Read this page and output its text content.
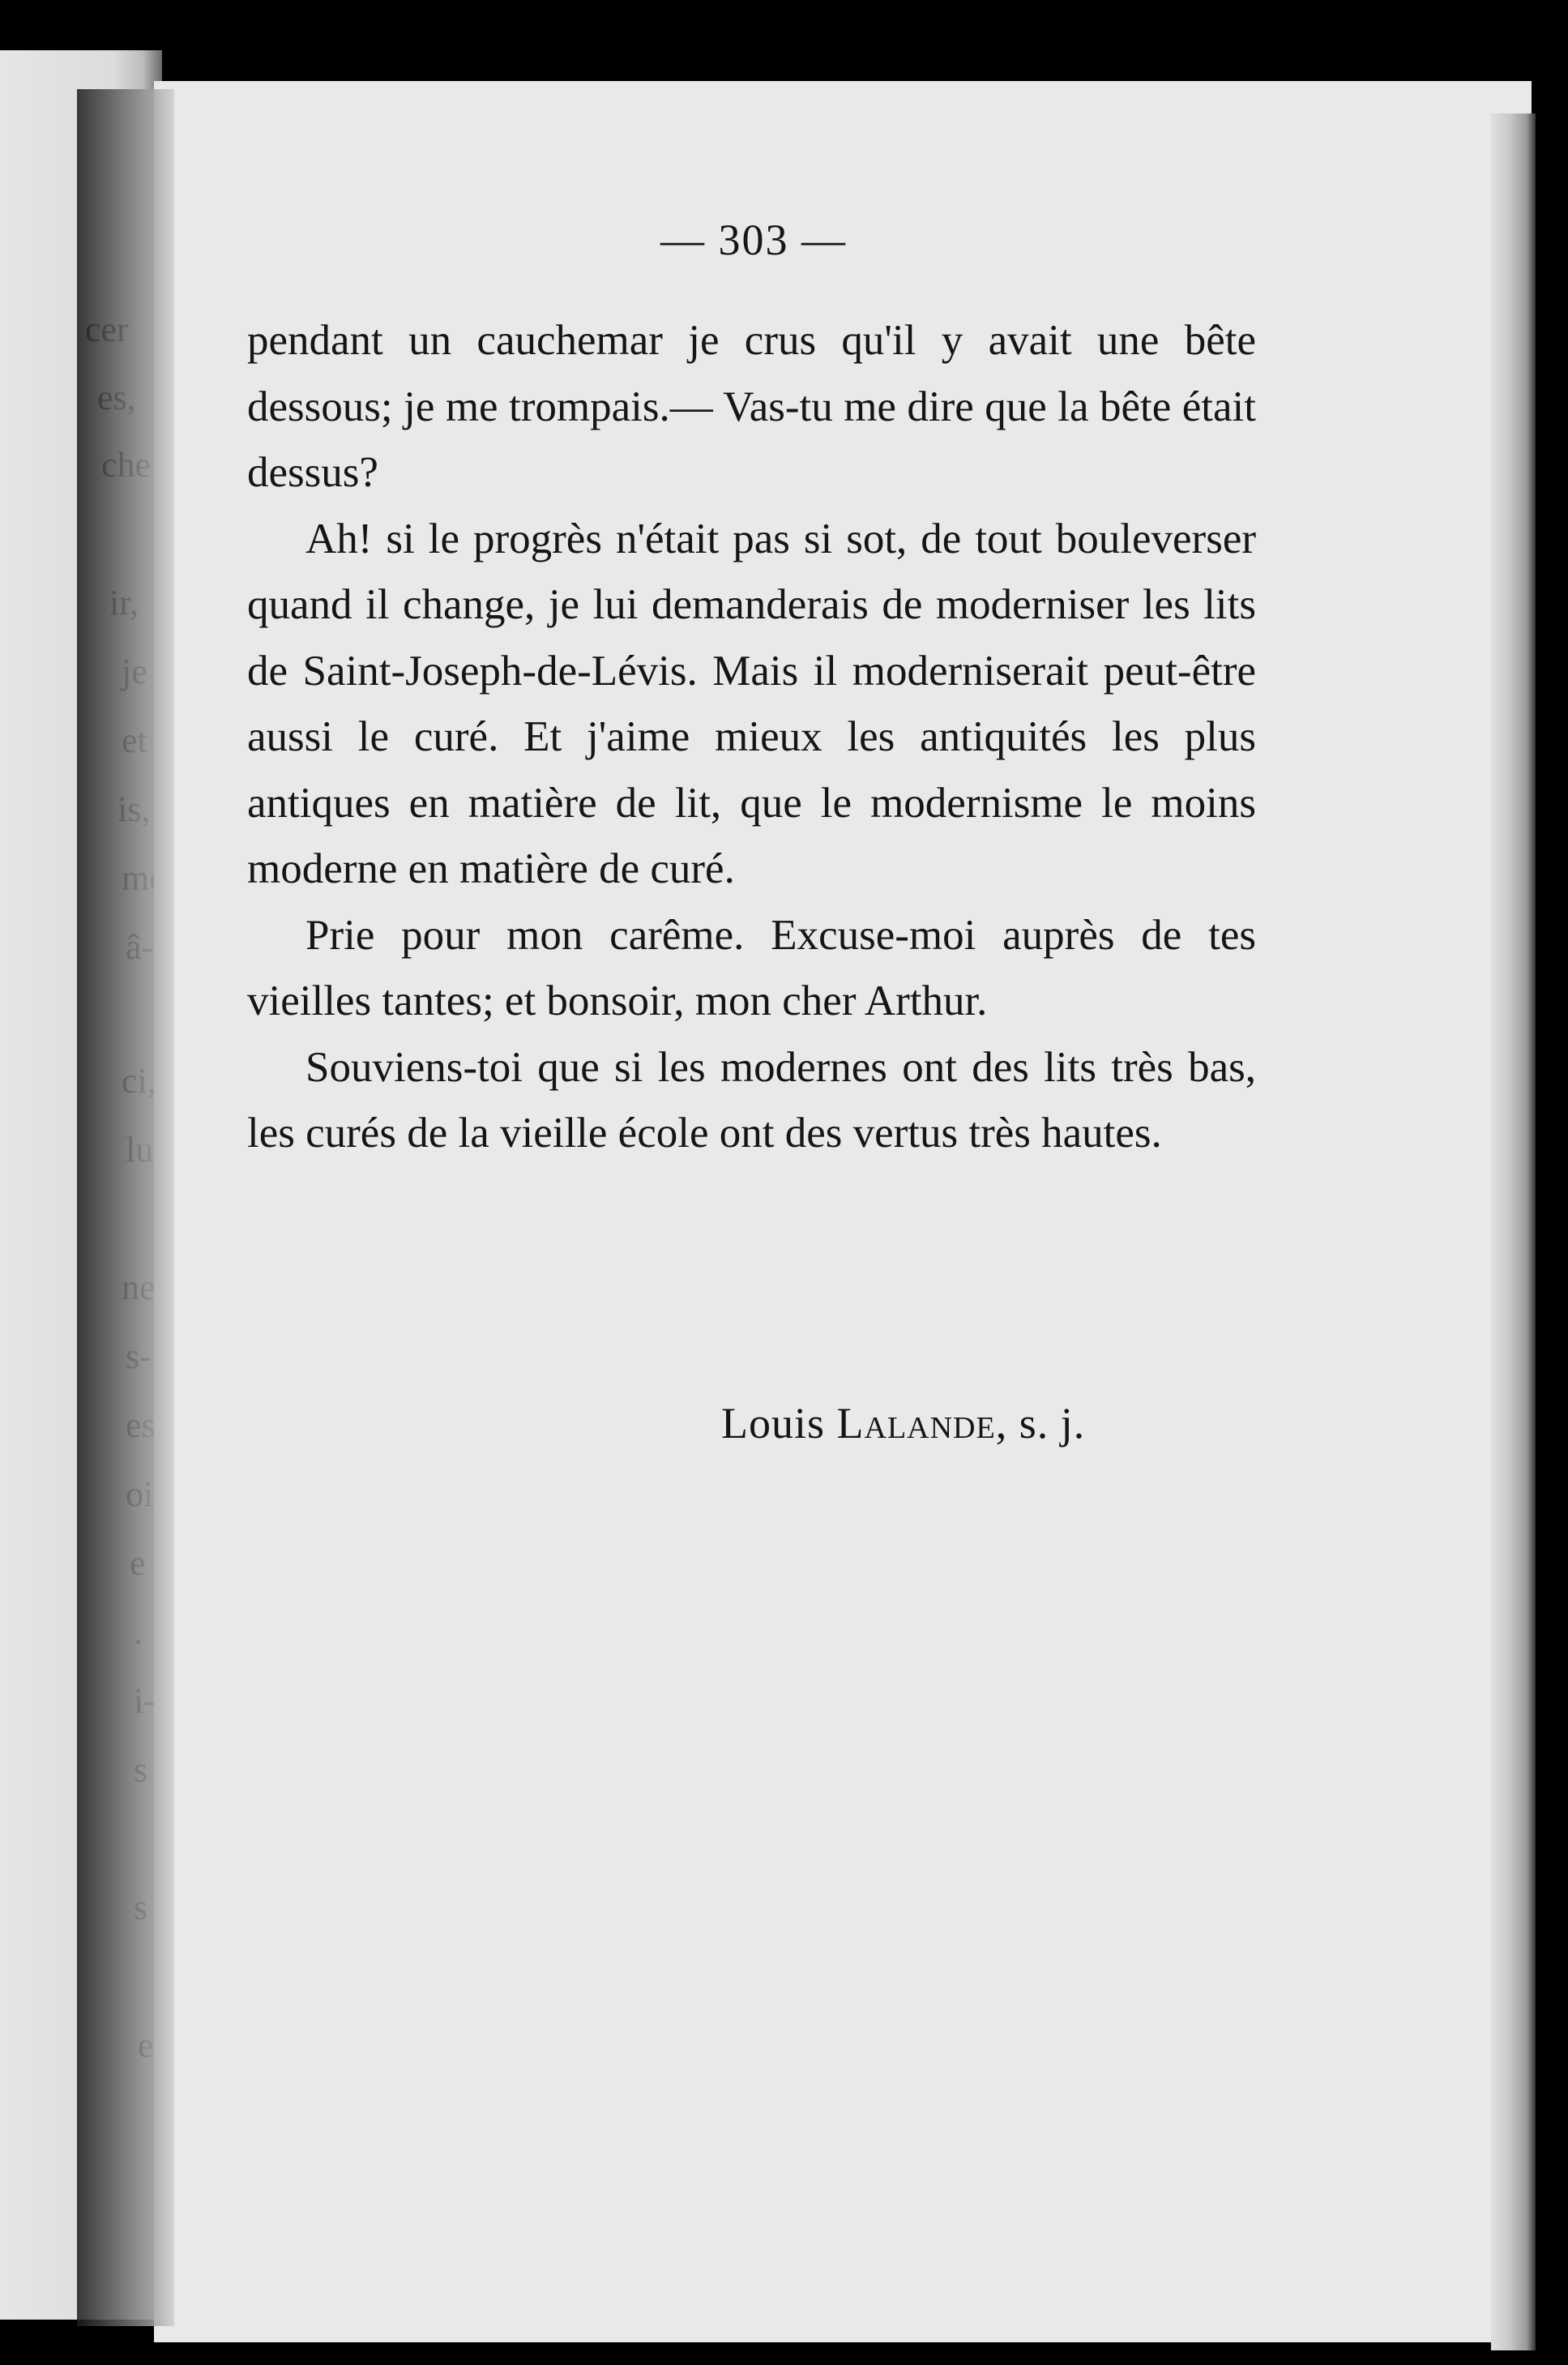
— 303 —

pendant un cauchemar je crus qu'il y avait une bête dessous; je me trompais.— Vas-tu me dire que la bête était dessus?

Ah! si le progrès n'était pas si sot, de tout bouleverser quand il change, je lui demanderais de moderniser les lits de Saint-Joseph-de-Lévis. Mais il moderniserait peut-être aussi le curé. Et j'aime mieux les antiquités les plus antiques en matière de lit, que le modernisme le moins moderne en matière de curé.

Prie pour mon carême. Excuse-moi auprès de tes vieilles tantes; et bonsoir, mon cher Arthur.

Souviens-toi que si les modernes ont des lits très bas, les curés de la vieille école ont des vertus très hautes.

Louis Lalande, s. j.
